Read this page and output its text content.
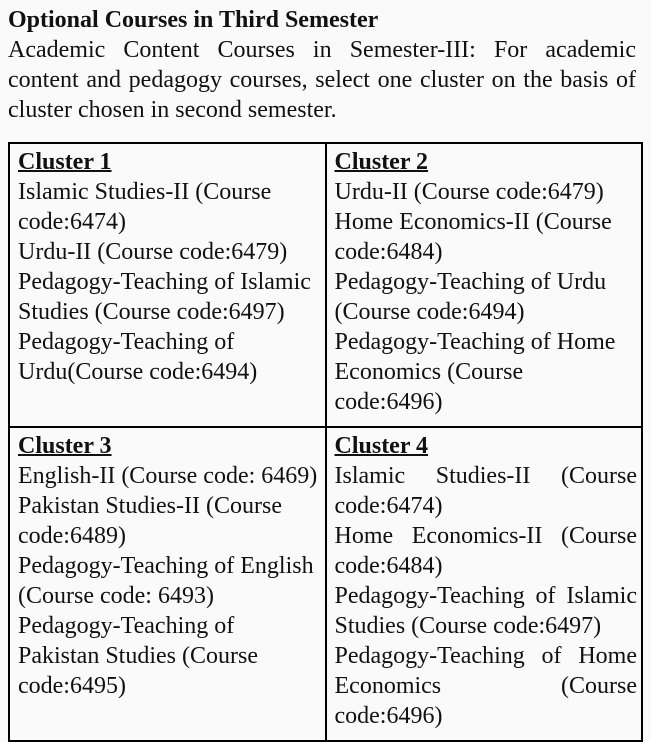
Optional Courses in Third Semester

Academic Content Courses in Semester-III: For academic content and pedagogy courses, select one cluster on the basis of cluster chosen in second semester.

Cluster 1
Islamic Studies-II (Course code:6474)
Urdu-II (Course code:6479)
Pedagogy-Teaching of Islamic Studies (Course code:6497)
Pedagogy-Teaching of Urdu(Course code:6494)

Cluster 2
Urdu-II (Course code:6479)
Home Economics-II (Course code:6484)
Pedagogy-Teaching of Urdu (Course code:6494)
Pedagogy-Teaching of Home Economics (Course code:6496)

Cluster 3
English-II (Course code: 6469)
Pakistan Studies-II (Course code:6489)
Pedagogy-Teaching of English (Course code: 6493)
Pedagogy-Teaching of Pakistan Studies (Course code:6495)

Cluster 4
Islamic Studies-II (Course code:6474)
Home Economics-II (Course code:6484)
Pedagogy-Teaching of Islamic Studies (Course code:6497)
Pedagogy-Teaching of Home Economics (Course code:6496)
